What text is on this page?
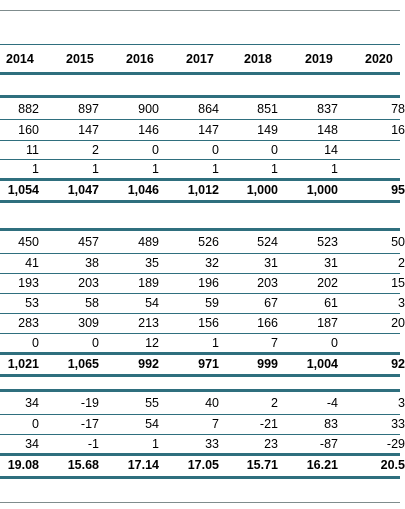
2014	2015	2016	2017	2018	2019	2020
882	897	900	864	851	837	78
160	147	146	147	149	148	16
11	2	0	0	0	14
1	1	1	1	1	1
1,054	1,047	1,046	1,012	1,000	1,000	95
450	457	489	526	524	523	50
41	38	35	32	31	31	2
193	203	189	196	203	202	15
53	58	54	59	67	61	3
283	309	213	156	166	187	20
0	0	12	1	7	0
1,021	1,065	992	971	999	1,004	92
34	-19	55	40	2	-4	3
0	-17	54	7	-21	83	33
34	-1	1	33	23	-87	-29
19.08	15.68	17.14	17.05	15.71	16.21	20.5
